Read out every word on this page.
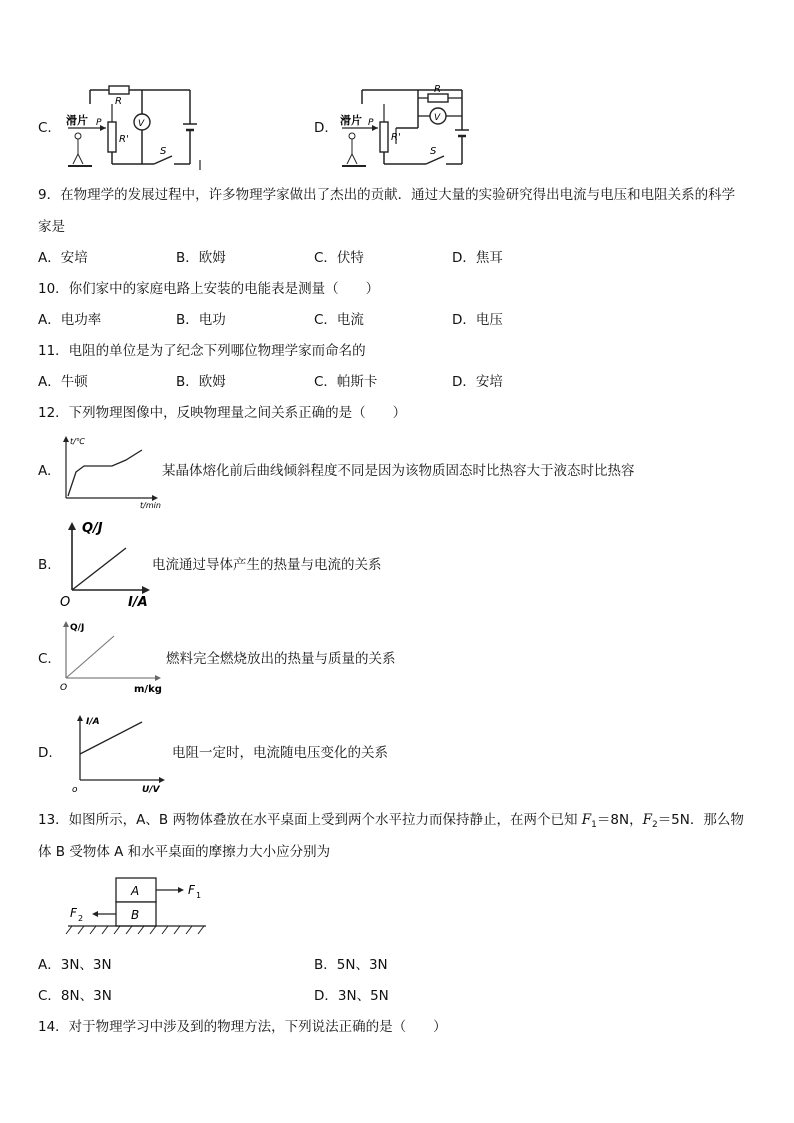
C. 滑片 P
R
R'
V
S
D. 滑片 P
R'
V
S
R
9．在物理学的发展过程中，许多物理学家做出了杰出的贡献．通过大量的实验研究得出电流与电压和电阻关系的科学
家是
A．安培	B．欧姆	C．伏特	D．焦耳
10．你们家中的家庭电路上安装的电能表是测量（　　）
A．电功率	B．电功	C．电流	D．电压
11．电阻的单位是为了纪念下列哪位物理学家而命名的
A．牛顿	B．欧姆	C．帕斯卡	D．安培
12．下列物理图像中，反映物理量之间关系正确的是（　　）
A.
t/℃
t/min
某晶体熔化前后曲线倾斜程度不同是因为该物质固态时比热容大于液态时比热容
B.
Q/J
I/A
O
电流通过导体产生的热量与电流的关系
C.
Q/J
m/kg
O
燃料完全燃烧放出的热量与质量的关系
D.
I/A
U/V
o
电阻一定时，电流随电压变化的关系
13．如图所示，A、B 两物体叠放在水平桌面上受到两个水平拉力而保持静止，在两个已知 $F_1=8N$，$F_2=5N$．那么物
体 B 受物体 A 和水平桌面的摩擦力大小应分别为
A
B
F 1
F 2
A．3N、3N	B．5N、3N
C．8N、3N	D．3N、5N
14．对于物理学习中涉及到的物理方法，下列说法正确的是（　　）
